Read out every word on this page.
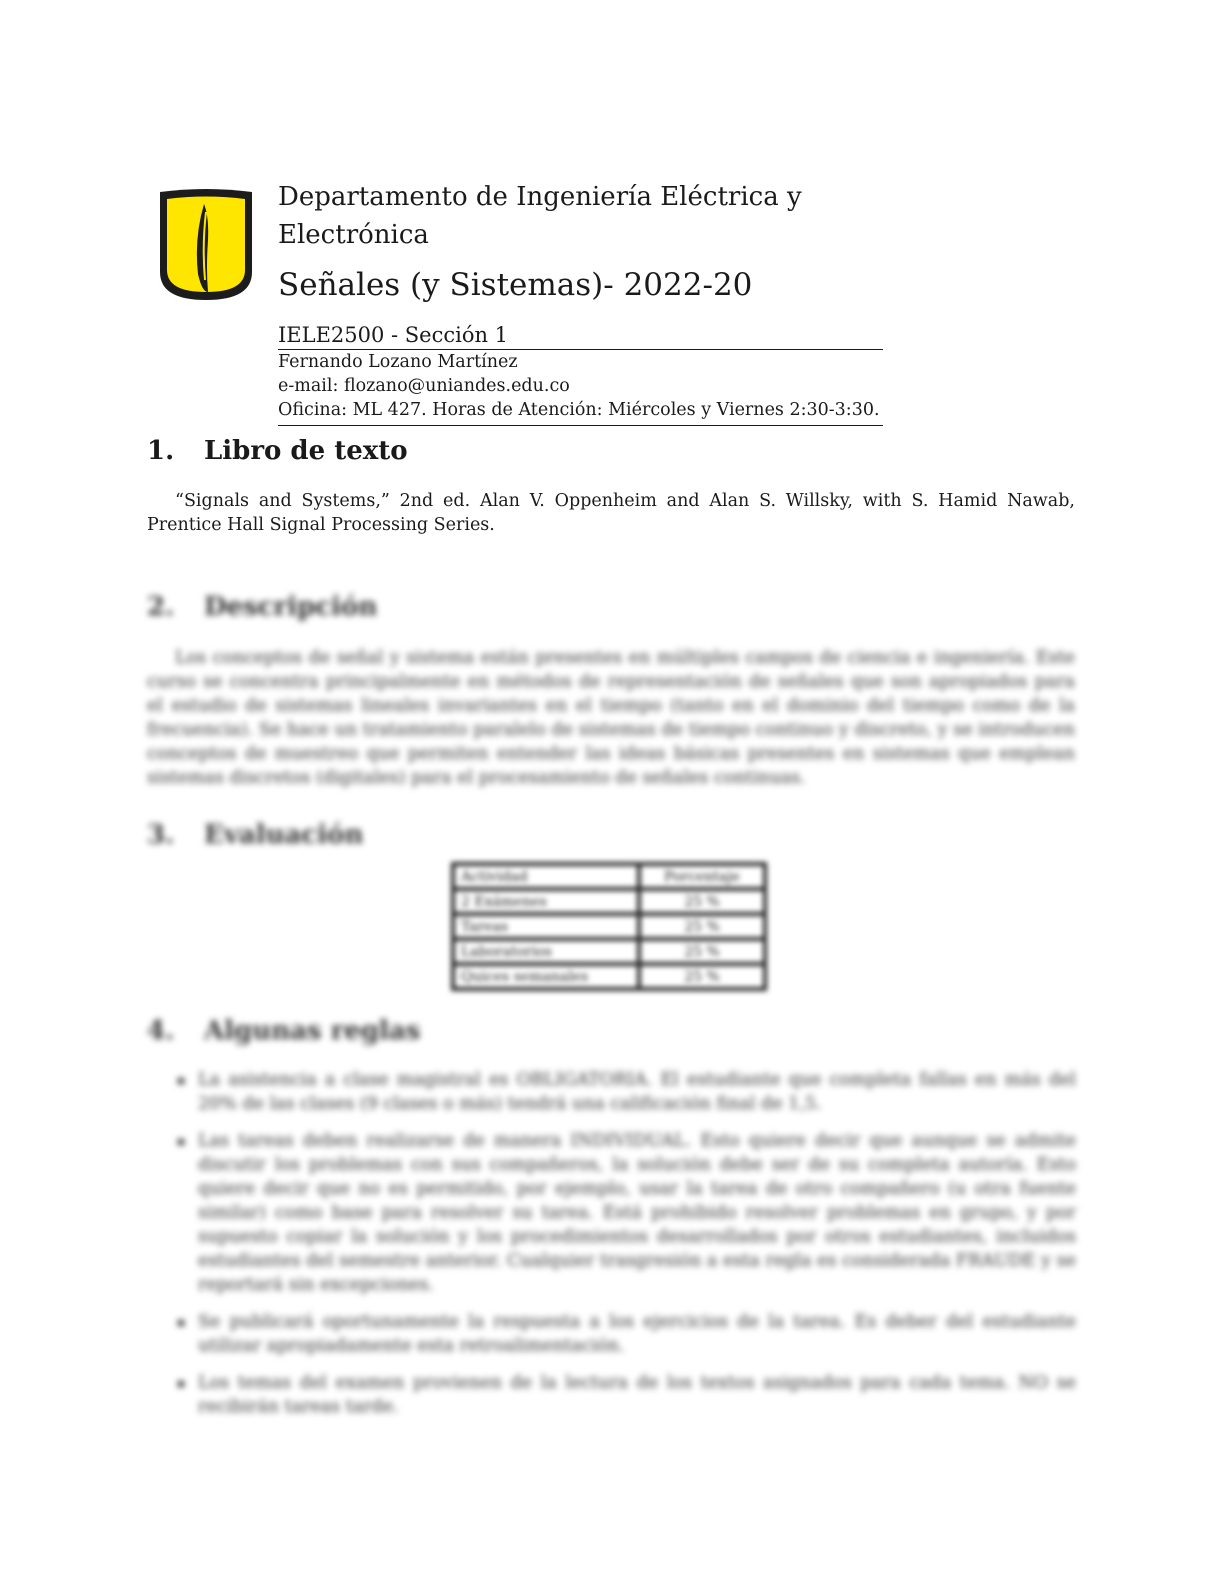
Departamento de Ingeniería Eléctrica y Electrónica

Señales (y Sistemas)- 2022-20

IELE2500 - Sección 1

Fernando Lozano Martínez
e-mail: flozano@uniandes.edu.co
Oficina: ML 427. Horas de Atención: Miércoles y Viernes 2:30-3:30.
1. Libro de texto

“Signals and Systems,” 2nd ed. Alan V. Oppenheim and Alan S. Willsky, with S. Hamid Nawab, Prentice Hall Signal Processing Series.

2. Descripción

Los conceptos de señal y sistema están presentes en múltiples campos de ciencia e ingeniería. Este curso se concentra principalmente en métodos de representación de señales que son apropiados para el estudio de sistemas lineales invariantes en el tiempo (tanto en el dominio del tiempo como de la frecuencia). Se hace un tratamiento paralelo de sistemas de tiempo continuo y discreto, y se introducen conceptos de muestreo que permiten entender las ideas básicas presentes en sistemas que emplean sistemas discretos (digitales) para el procesamiento de señales continuas.

3. Evaluación
Actividad	Porcentaje
2 Exámenes	25 %
Tareas	25 %
Laboratorios	25 %
Quices semanales	25 %
4. Algunas reglas
La asistencia a clase magistral es OBLIGATORIA. El estudiante que completa fallas en más del 20% de las clases (9 clases o más) tendrá una calificación final de 1,5.
Las tareas deben realizarse de manera INDIVIDUAL. Esto quiere decir que aunque se admite discutir los problemas con sus compañeros, la solución debe ser de su completa autoría. Esto quiere decir que no es permitido, por ejemplo, usar la tarea de otro compañero (u otra fuente similar) como base para resolver su tarea. Está prohibido resolver problemas en grupo, y por supuesto copiar la solución y los procedimientos desarrollados por otros estudiantes, incluidos estudiantes del semestre anterior. Cualquier trasgresión a esta regla es considerada FRAUDE y se reportará sin excepciones.
Se publicará oportunamente la respuesta a los ejercicios de la tarea. Es deber del estudiante utilizar apropiadamente esta retroalimentación.
Los temas del examen provienen de la lectura de los textos asignados para cada tema. NO se recibirán tareas tarde.
